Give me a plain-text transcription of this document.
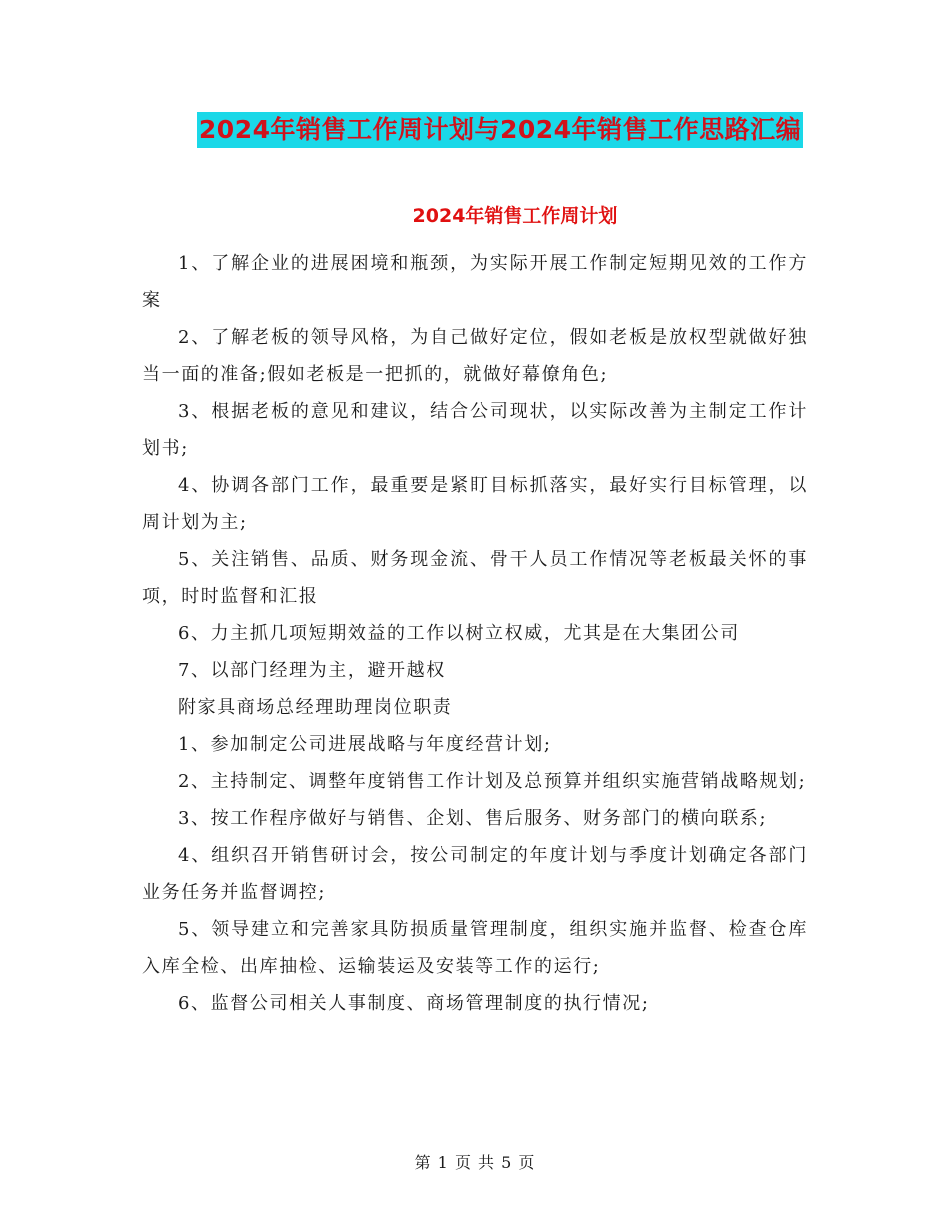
2024年销售工作周计划与2024年销售工作思路汇编
2024年销售工作周计划

1、了解企业的进展困境和瓶颈，为实际开展工作制定短期见效的工作方案

2、了解老板的领导风格，为自己做好定位，假如老板是放权型就做好独当一面的准备;假如老板是一把抓的，就做好幕僚角色;

3、根据老板的意见和建议，结合公司现状，以实际改善为主制定工作计划书;

4、协调各部门工作，最重要是紧盯目标抓落实，最好实行目标管理，以周计划为主;

5、关注销售、品质、财务现金流、骨干人员工作情况等老板最关怀的事项，时时监督和汇报

6、力主抓几项短期效益的工作以树立权威，尤其是在大集团公司

7、以部门经理为主，避开越权

附家具商场总经理助理岗位职责

1、参加制定公司进展战略与年度经营计划;

2、主持制定、调整年度销售工作计划及总预算并组织实施营销战略规划;

3、按工作程序做好与销售、企划、售后服务、财务部门的横向联系;

4、组织召开销售研讨会，按公司制定的年度计划与季度计划确定各部门业务任务并监督调控;

5、领导建立和完善家具防损质量管理制度，组织实施并监督、检查仓库入库全检、出库抽检、运输装运及安装等工作的运行;

6、监督公司相关人事制度、商场管理制度的执行情况;

第 1 页 共 5 页
